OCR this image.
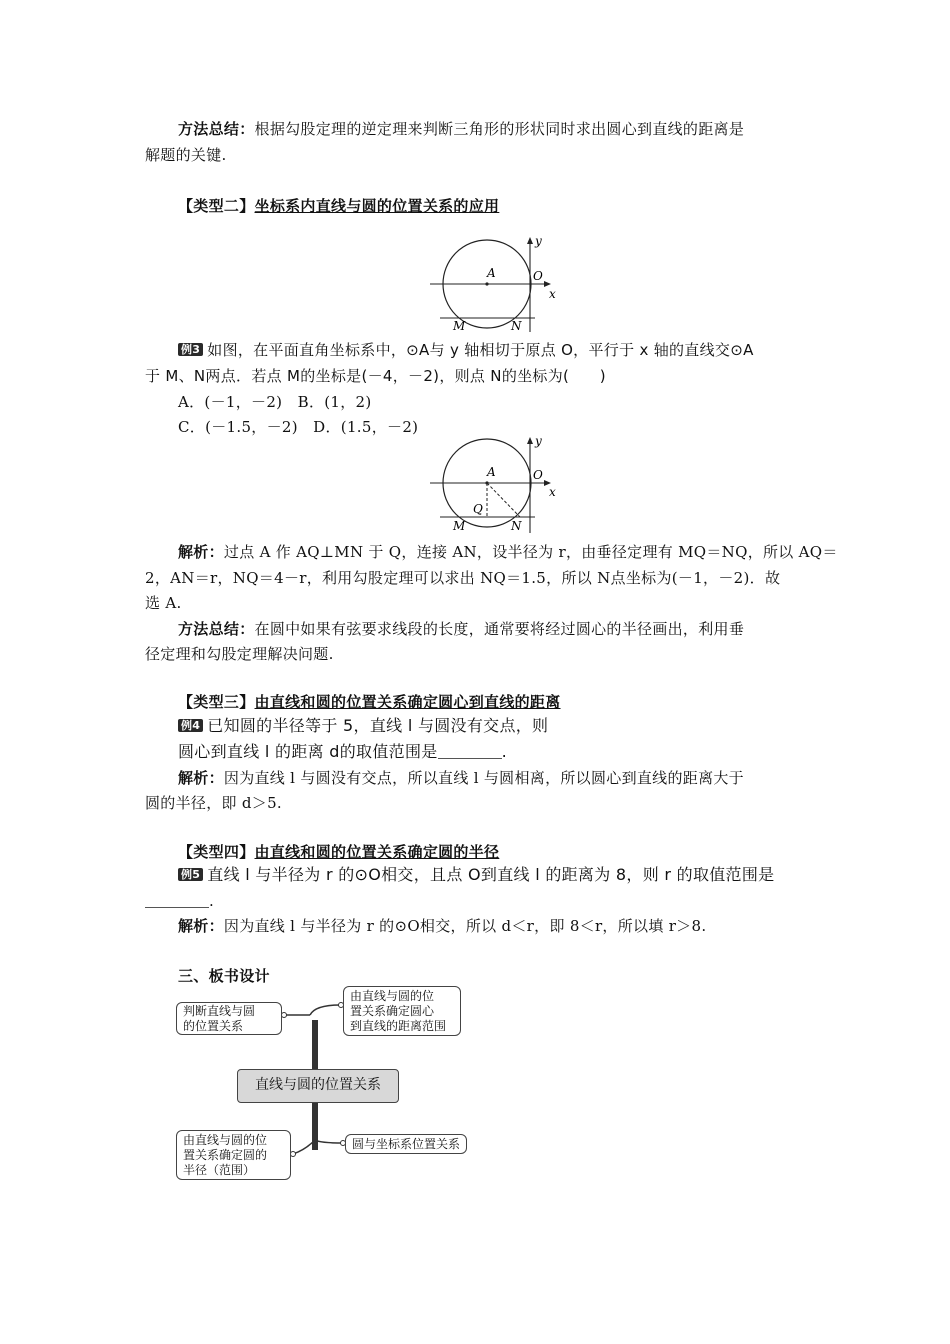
方法总结：根据勾股定理的逆定理来判断三角形的形状同时求出圆心到直线的距离是
解题的关键.
【类型二】坐标系内直线与圆的位置关系的应用
A	O
x
y
M	N
例3 如图，在平面直角坐标系中，⊙A与 y 轴相切于原点 O，平行于 x 轴的直线交⊙A
于 M、N两点．若点 M的坐标是(－4，－2)，则点 N的坐标为(　　)
A．(－1，－2)　B．(1，2)
C．(－1.5，－2)　D．(1.5，－2)
A	O
x
y
Q
M	N
解析：过点 A 作 AQ⊥MN 于 Q，连接 AN，设半径为 r，由垂径定理有 MQ＝NQ，所以 AQ＝
2，AN＝r，NQ＝4－r，利用勾股定理可以求出 NQ＝1.5，所以 N点坐标为(－1，－2)．故
选 A.
方法总结：在圆中如果有弦要求线段的长度，通常要将经过圆心的半径画出，利用垂
径定理和勾股定理解决问题.
【类型三】由直线和圆的位置关系确定圆心到直线的距离
例4 已知圆的半径等于 5，直线 l 与圆没有交点，则
圆心到直线 l 的距离 d的取值范围是	.
解析：因为直线 l 与圆没有交点，所以直线 l 与圆相离，所以圆心到直线的距离大于
圆的半径，即 d＞5.
【类型四】由直线和圆的位置关系确定圆的半径
例5 直线 l 与半径为 r 的⊙O相交，且点 O到直线 l 的距离为 8，则 r 的取值范围是
.
解析：因为直线 l 与半径为 r 的⊙O相交，所以 d＜r，即 8＜r，所以填 r＞8.
三、板书设计
判断直线与圆
的位置关系
由直线与圆的位
置关系确定圆心
到直线的距离范围
直线与圆的位置关系
由直线与圆的位
置关系确定圆的
半径（范围）
圆与坐标系位置关系
